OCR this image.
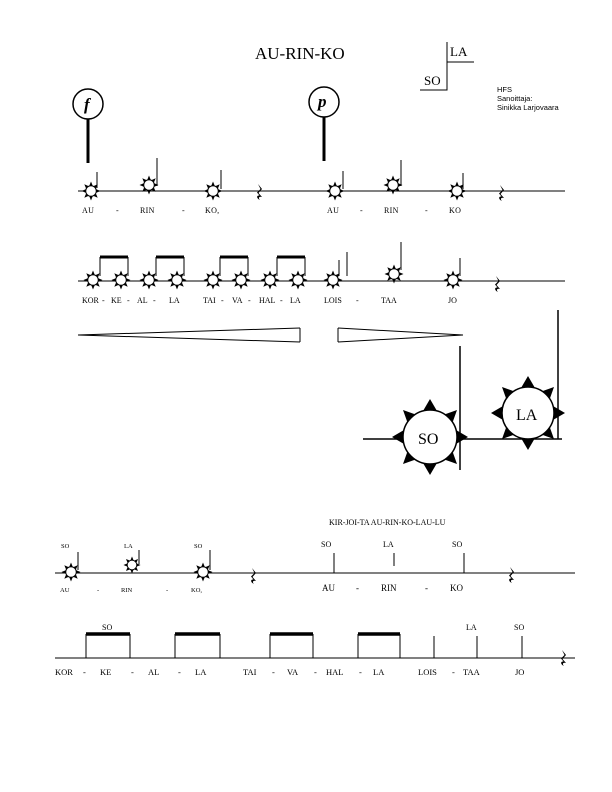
AU-RIN-KO	LA
SO
HFS
Sanoittaja:
Sinikka Larjovaara
f	p
AU	-	RIN	-	KO,	AU	-	RIN	-	KO
KOR - KE - AL - LA	TAI - VA - HAL - LA	LOIS -	TAA	JO
SO
LA
KIR-JOI-TA AU-RIN-KO-LAU-LU
SO	LA	SO	SO	LA	SO
AU	-	RIN	-	KO,	AU - RIN	- KO
SO	LA	SO
KOR - KE - AL - LA	TAI - VA - HAL - LA	LOIS - TAA	JO
